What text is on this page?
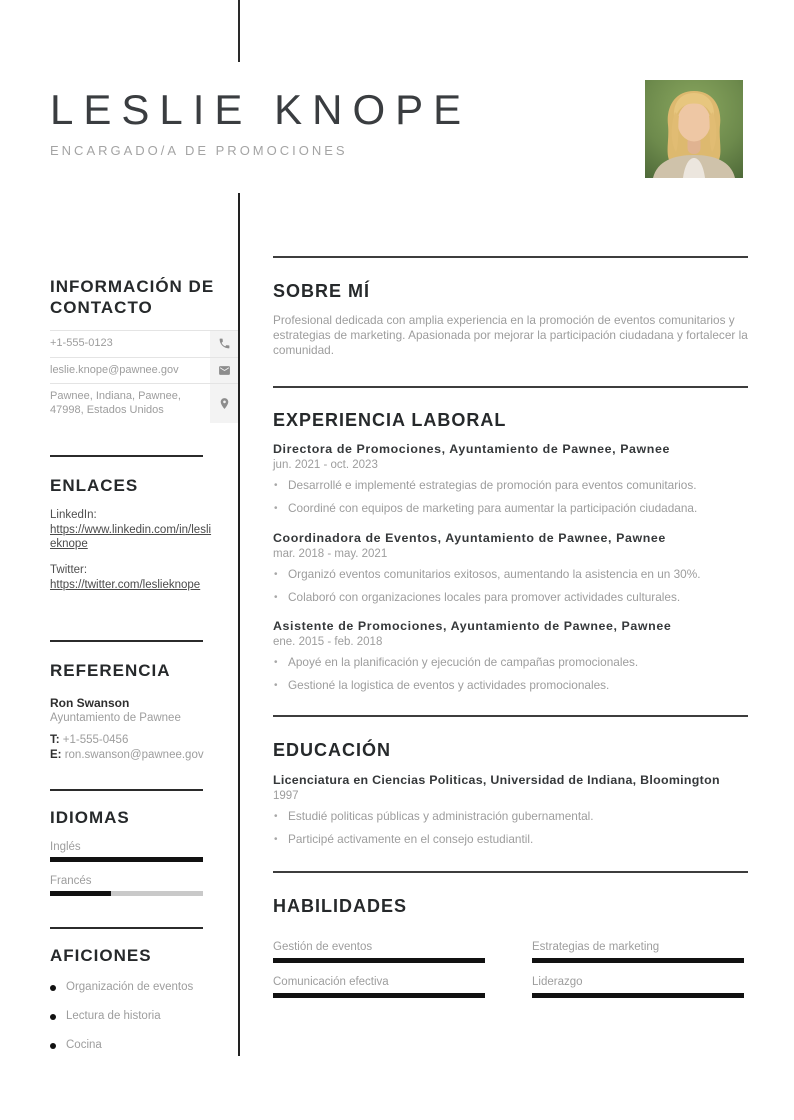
LESLIE KNOPE
ENCARGADO/A DE PROMOCIONES
INFORMACIÓN DE CONTACTO
+1-555-0123
leslie.knope@pawnee.gov
Pawnee, Indiana, Pawnee, 47998, Estados Unidos
ENLACES
LinkedIn:
https://www.linkedin.com/in/leslieknope
Twitter:
https://twitter.com/leslieknope
REFERENCIA
Ron Swanson
Ayuntamiento de Pawnee
T: +1-555-0456
E: ron.swanson@pawnee.gov
IDIOMAS
Inglés
Francés
AFICIONES
Organización de eventos
Lectura de historia
Cocina
SOBRE MÍ

Profesional dedicada con amplia experiencia en la promoción de eventos comunitarios y estrategias de marketing. Apasionada por mejorar la participación ciudadana y fortalecer la comunidad.

EXPERIENCIA LABORAL
Directora de Promociones, Ayuntamiento de Pawnee, Pawnee
jun. 2021 - oct. 2023
• Desarrollé e implementé estrategias de promoción para eventos comunitarios.
• Coordiné con equipos de marketing para aumentar la participación ciudadana.
Coordinadora de Eventos, Ayuntamiento de Pawnee, Pawnee
mar. 2018 - may. 2021
• Organizó eventos comunitarios exitosos, aumentando la asistencia en un 30%.
• Colaboró con organizaciones locales para promover actividades culturales.
Asistente de Promociones, Ayuntamiento de Pawnee, Pawnee
ene. 2015 - feb. 2018
• Apoyé en la planificación y ejecución de campañas promocionales.
• Gestioné la logistica de eventos y actividades promocionales.
EDUCACIÓN
Licenciatura en Ciencias Politicas, Universidad de Indiana, Bloomington
1997
• Estudié politicas públicas y administración gubernamental.
• Participé activamente en el consejo estudiantil.
HABILIDADES
Gestión de eventos	Estrategias de marketing
Comunicación efectiva	Liderazgo
